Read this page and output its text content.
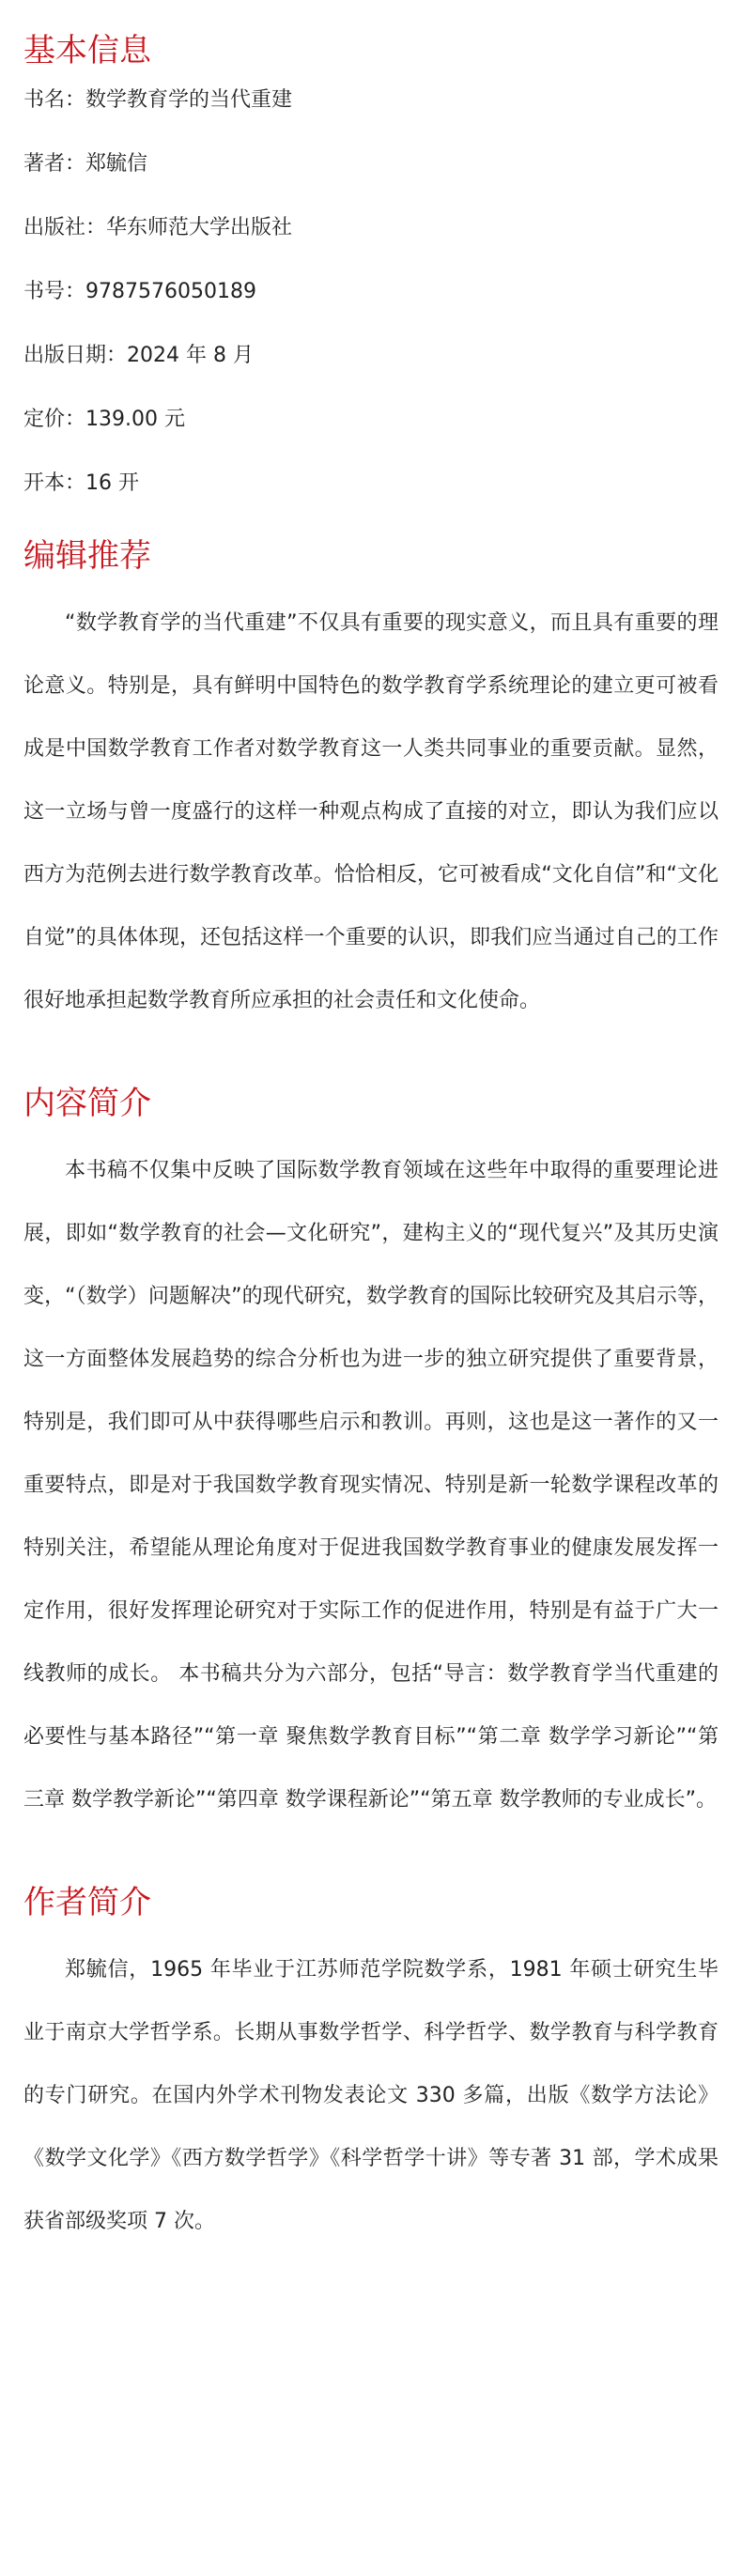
基本信息
书名：数学教育学的当代重建
著者：郑毓信
出版社：华东师范大学出版社
书号：9787576050189
出版日期：2024 年 8 月
定价：139.00 元
开本：16 开
编辑推荐

“数学教育学的当代重建”不仅具有重要的现实意义，而且具有重要的理论意义。特别是，具有鲜明中国特色的数学教育学系统理论的建立更可被看成是中国数学教育工作者对数学教育这一人类共同事业的重要贡献。显然，这一立场与曾一度盛行的这样一种观点构成了直接的对立，即认为我们应以西方为范例去进行数学教育改革。恰恰相反，它可被看成“文化自信”和“文化自觉”的具体体现，还包括这样一个重要的认识，即我们应当通过自己的工作很好地承担起数学教育所应承担的社会责任和文化使命。

内容简介

本书稿不仅集中反映了国际数学教育领域在这些年中取得的重要理论进展，即如“数学教育的社会—文化研究”，建构主义的“现代复兴”及其历史演变，“（数学）问题解决”的现代研究，数学教育的国际比较研究及其启示等，这一方面整体发展趋势的综合分析也为进一步的独立研究提供了重要背景，特别是，我们即可从中获得哪些启示和教训。再则，这也是这一著作的又一重要特点，即是对于我国数学教育现实情况、特别是新一轮数学课程改革的特别关注，希望能从理论角度对于促进我国数学教育事业的健康发展发挥一定作用，很好发挥理论研究对于实际工作的促进作用，特别是有益于广大一线教师的成长。 本书稿共分为六部分，包括“导言：数学教育学当代重建的必要性与基本路径”“第一章 聚焦数学教育目标”“第二章 数学学习新论”“第三章 数学教学新论”“第四章 数学课程新论”“第五章 数学教师的专业成长”。

作者简介

郑毓信，1965 年毕业于江苏师范学院数学系，1981 年硕士研究生毕业于南京大学哲学系。长期从事数学哲学、科学哲学、数学教育与科学教育的专门研究。在国内外学术刊物发表论文 330 多篇，出版《数学方法论》《数学文化学》《西方数学哲学》《科学哲学十讲》等专著 31 部，学术成果获省部级奖项 7 次。
